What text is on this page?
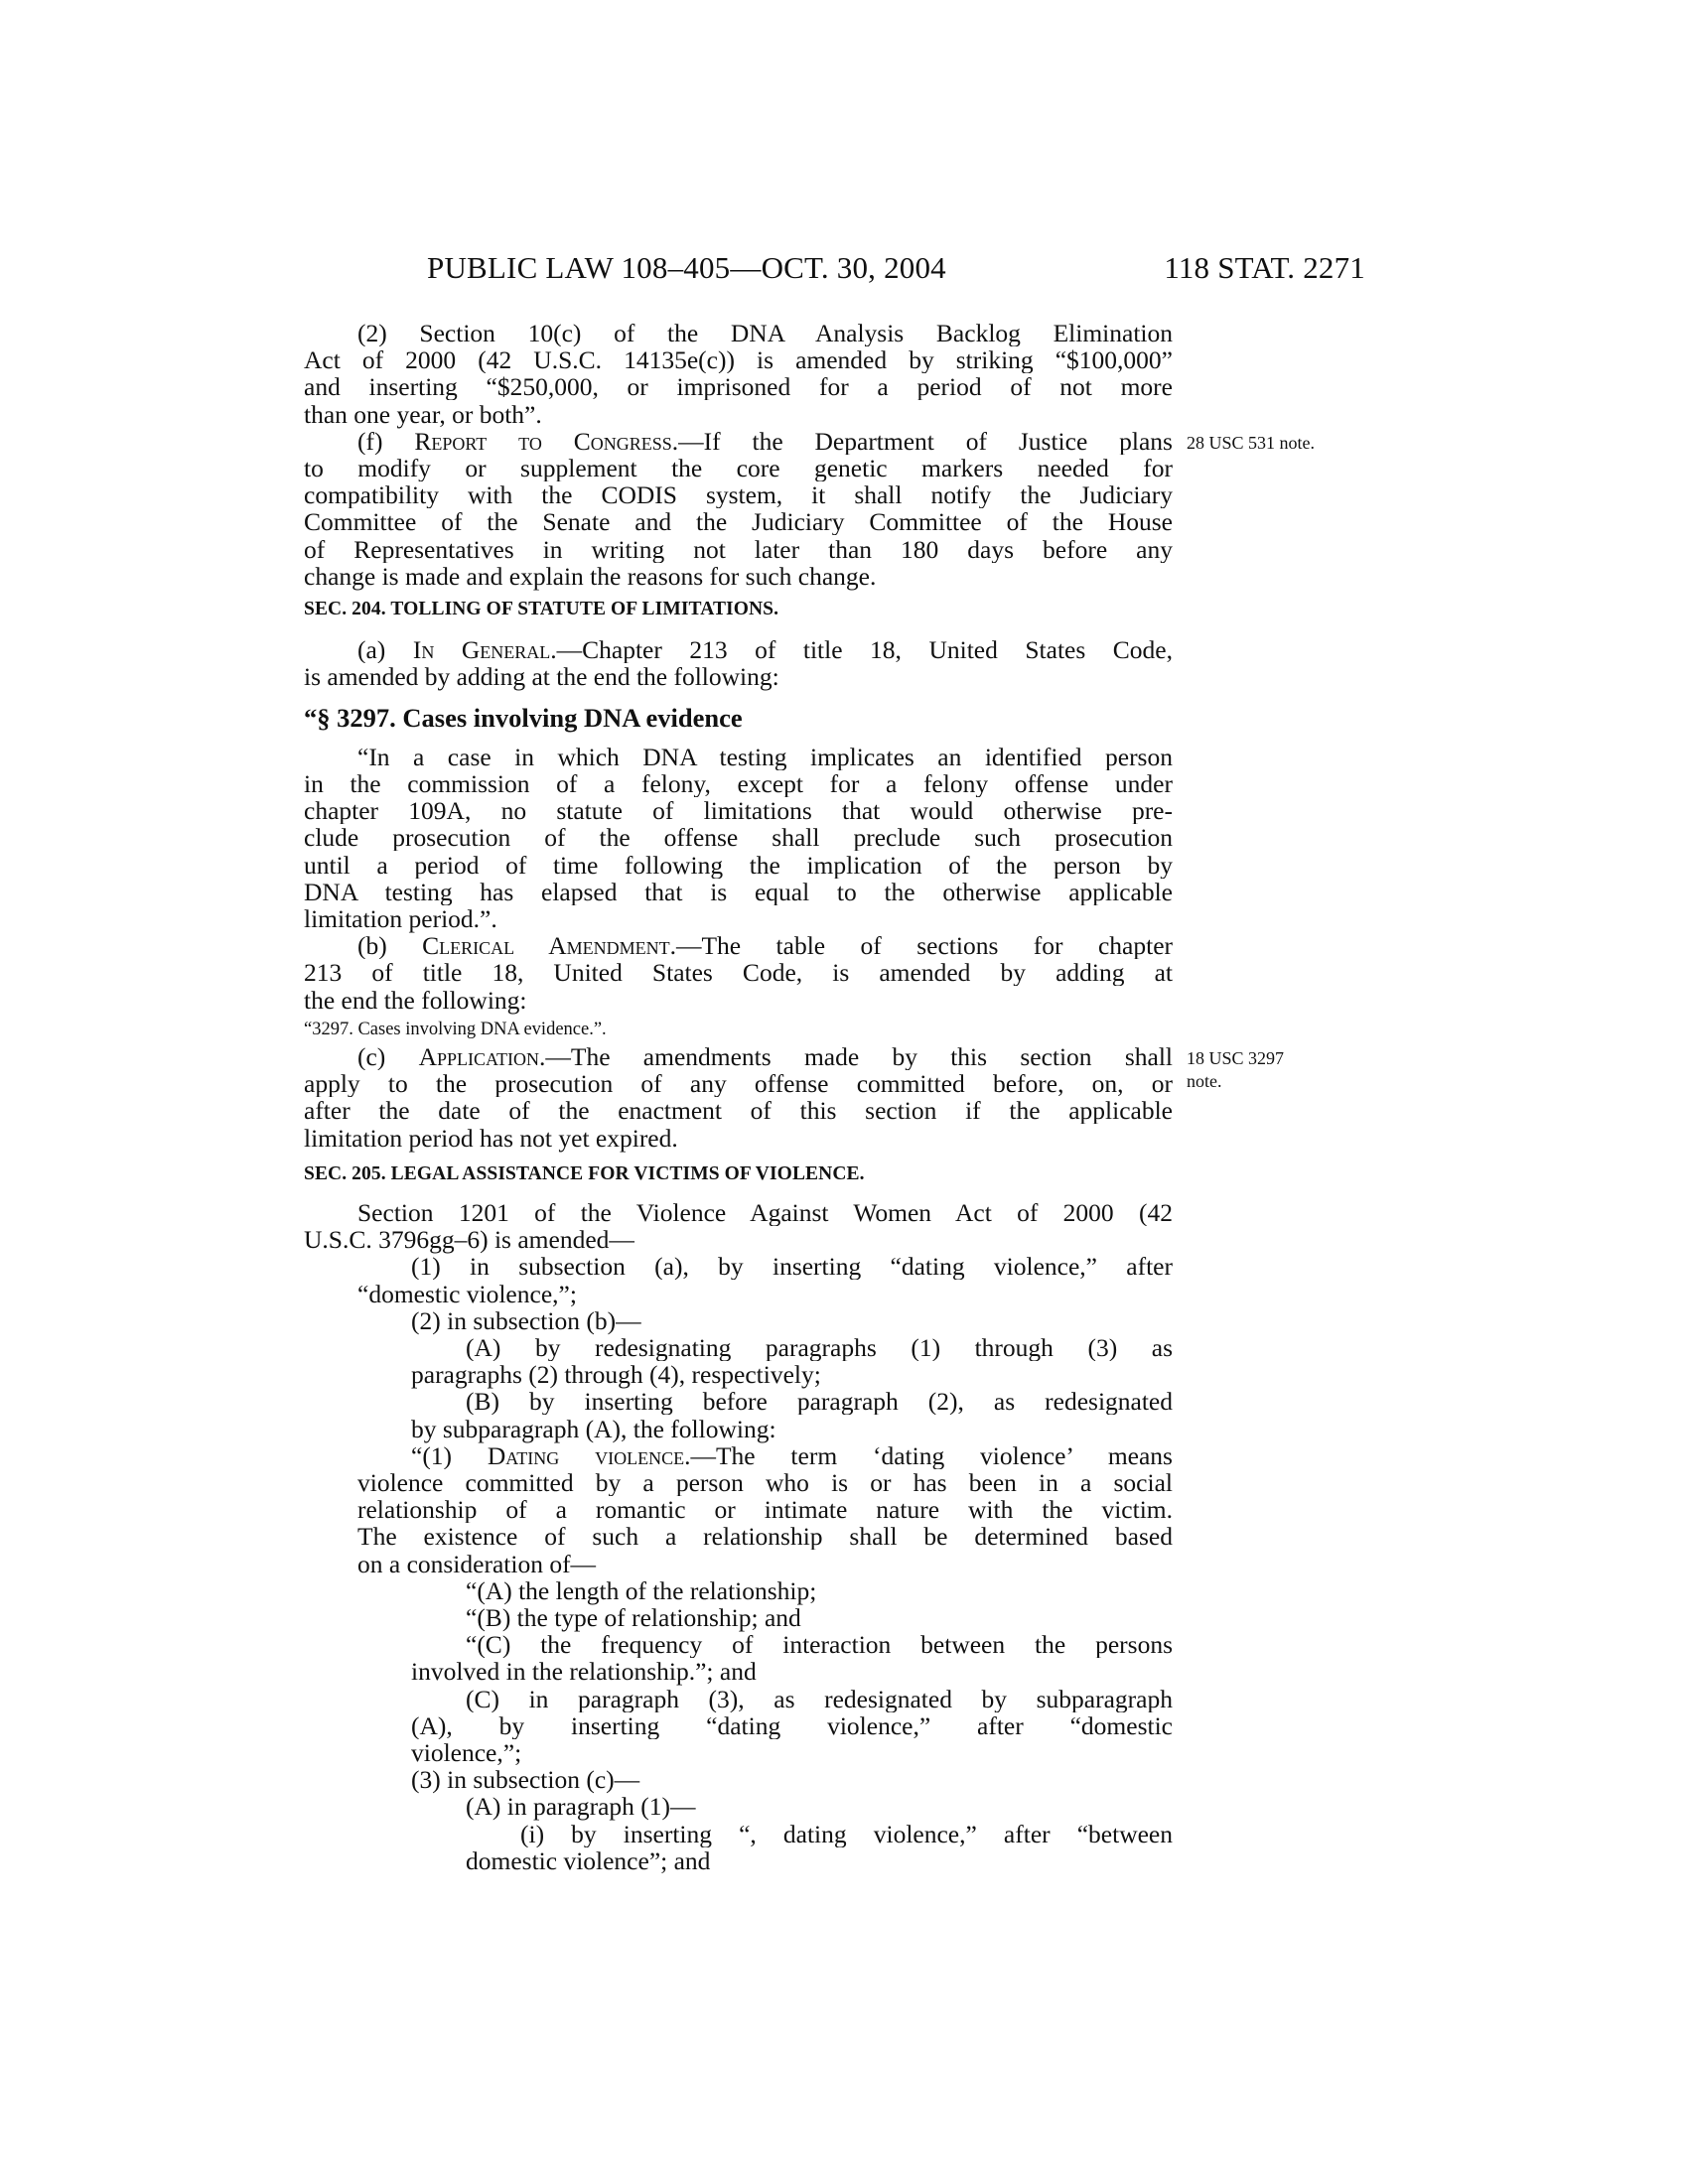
PUBLIC LAW 108–405—OCT. 30, 2004	118 STAT. 2271
(2) Section 10(c) of the DNA Analysis Backlog Elimination
Act of 2000 (42 U.S.C. 14135e(c)) is amended by striking “$100,000”
and inserting “$250,000, or imprisoned for a period of not more
than one year, or both”.
(f) Report to Congress.—If the Department of Justice plans
to modify or supplement the core genetic markers needed for
compatibility with the CODIS system, it shall notify the Judiciary
Committee of the Senate and the Judiciary Committee of the House
of Representatives in writing not later than 180 days before any
change is made and explain the reasons for such change.
28 USC 531 note.
SEC. 204. TOLLING OF STATUTE OF LIMITATIONS.
(a) In General.—Chapter 213 of title 18, United States Code,
is amended by adding at the end the following:
“§ 3297. Cases involving DNA evidence
“In a case in which DNA testing implicates an identified person
in the commission of a felony, except for a felony offense under
chapter 109A, no statute of limitations that would otherwise pre-
clude prosecution of the offense shall preclude such prosecution
until a period of time following the implication of the person by
DNA testing has elapsed that is equal to the otherwise applicable
limitation period.”.
(b) Clerical Amendment.—The table of sections for chapter
213 of title 18, United States Code, is amended by adding at
the end the following:
“3297. Cases involving DNA evidence.”.
(c) Application.—The amendments made by this section shall
apply to the prosecution of any offense committed before, on, or
after the date of the enactment of this section if the applicable
limitation period has not yet expired.
18 USC 3297
note.
SEC. 205. LEGAL ASSISTANCE FOR VICTIMS OF VIOLENCE.
Section 1201 of the Violence Against Women Act of 2000 (42
U.S.C. 3796gg–6) is amended—
(1) in subsection (a), by inserting “dating violence,” after
“domestic violence,”;
(2) in subsection (b)—
(A) by redesignating paragraphs (1) through (3) as
paragraphs (2) through (4), respectively;
(B) by inserting before paragraph (2), as redesignated
by subparagraph (A), the following:
“(1) Dating violence.—The term ‘dating violence’ means
violence committed by a person who is or has been in a social
relationship of a romantic or intimate nature with the victim.
The existence of such a relationship shall be determined based
on a consideration of—
“(A) the length of the relationship;
“(B) the type of relationship; and
“(C) the frequency of interaction between the persons
involved in the relationship.”; and
(C) in paragraph (3), as redesignated by subparagraph
(A), by inserting “dating violence,” after “domestic
violence,”;
(3) in subsection (c)—
(A) in paragraph (1)—
(i) by inserting “, dating violence,” after “between
domestic violence”; and
